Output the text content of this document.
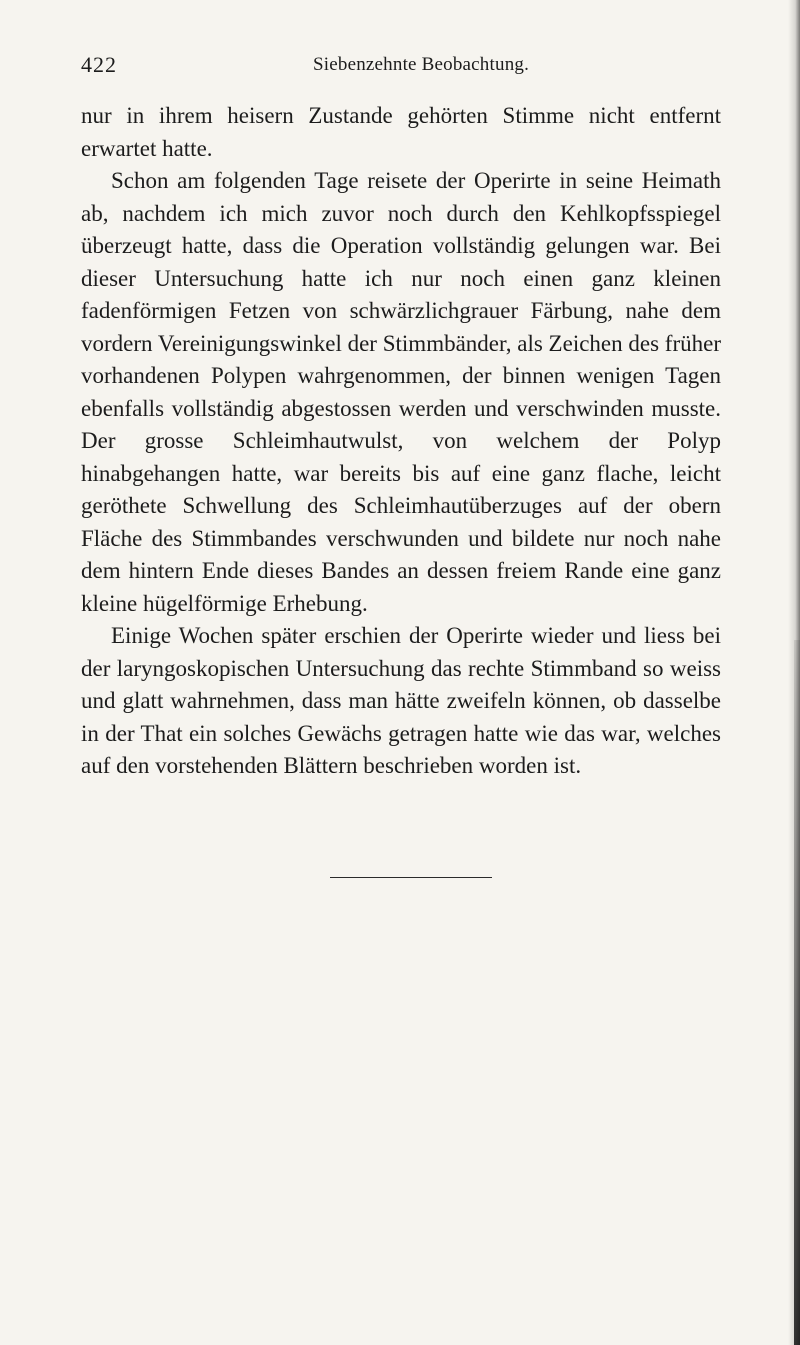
422	Siebenzehnte Beobachtung.

nur in ihrem heisern Zustande gehörten Stimme nicht entfernt erwartet hatte.

Schon am folgenden Tage reisete der Operirte in seine Heimath ab, nachdem ich mich zuvor noch durch den Kehlkopfsspiegel überzeugt hatte, dass die Operation vollständig gelungen war. Bei dieser Untersuchung hatte ich nur noch einen ganz kleinen fadenförmigen Fetzen von schwärzlichgrauer Färbung, nahe dem vordern Vereinigungswinkel der Stimmbänder, als Zeichen des früher vorhandenen Polypen wahrgenommen, der binnen wenigen Tagen ebenfalls vollständig abgestossen werden und verschwinden musste. Der grosse Schleimhautwulst, von welchem der Polyp hinabgehangen hatte, war bereits bis auf eine ganz flache, leicht geröthete Schwellung des Schleimhautüberzuges auf der obern Fläche des Stimmbandes verschwunden und bildete nur noch nahe dem hintern Ende dieses Bandes an dessen freiem Rande eine ganz kleine hügelförmige Erhebung.

Einige Wochen später erschien der Operirte wieder und liess bei der laryngoskopischen Untersuchung das rechte Stimmband so weiss und glatt wahrnehmen, dass man hätte zweifeln können, ob dasselbe in der That ein solches Gewächs getragen hatte wie das war, welches auf den vorstehenden Blättern beschrieben worden ist.
